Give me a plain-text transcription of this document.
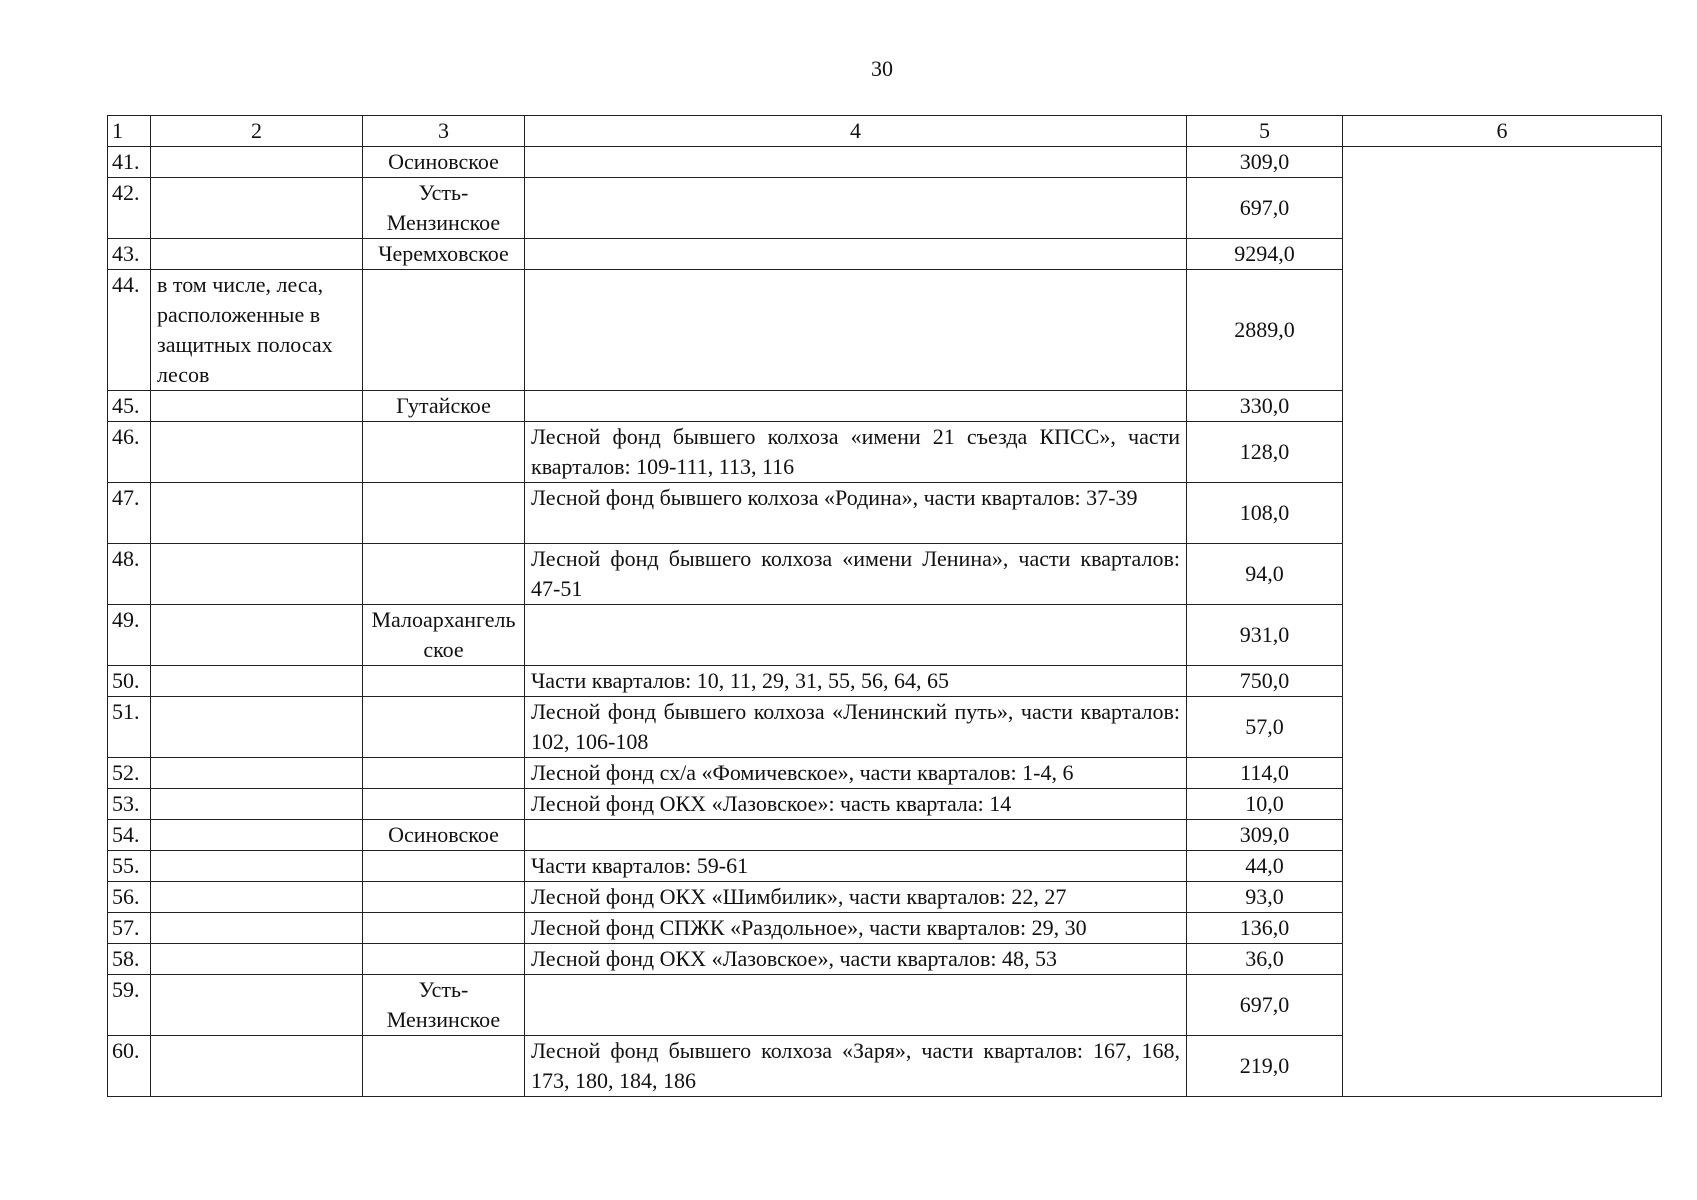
30
1	2	3	4	5	6
41.		Осиновское		309,0	
42.		Усть-Мензинское		697,0	
43.		Черемховское		9294,0	
44.	в том числе, леса, расположенные в защитных полосах лесов			2889,0	
45.		Гутайское		330,0	
46.			Лесной фонд бывшего колхоза «имени 21 съезда КПСС», части кварталов: 109-111, 113, 116	128,0	
47.			Лесной фонд бывшего колхоза «Родина», части кварталов: 37-39	108,0	
48.			Лесной фонд бывшего колхоза «имени Ленина», части кварталов: 47-51	94,0	
49.		Малоархангельское		931,0	
50.			Части кварталов: 10, 11, 29, 31, 55, 56, 64, 65	750,0	
51.			Лесной фонд бывшего колхоза «Ленинский путь», части кварталов: 102, 106-108	57,0	
52.			Лесной фонд сх/а «Фомичевское», части кварталов: 1-4, 6	114,0	
53.			Лесной фонд ОКХ «Лазовское»: часть квартала: 14	10,0	
54.		Осиновское		309,0	
55.			Части кварталов: 59-61	44,0	
56.			Лесной фонд ОКХ «Шимбилик», части кварталов: 22, 27	93,0	
57.			Лесной фонд СПЖК «Раздольное», части кварталов: 29, 30	136,0	
58.			Лесной фонд ОКХ «Лазовское», части кварталов: 48, 53	36,0	
59.		Усть-Мензинское		697,0	
60.			Лесной фонд бывшего колхоза «Заря», части кварталов: 167, 168, 173, 180, 184, 186	219,0	
